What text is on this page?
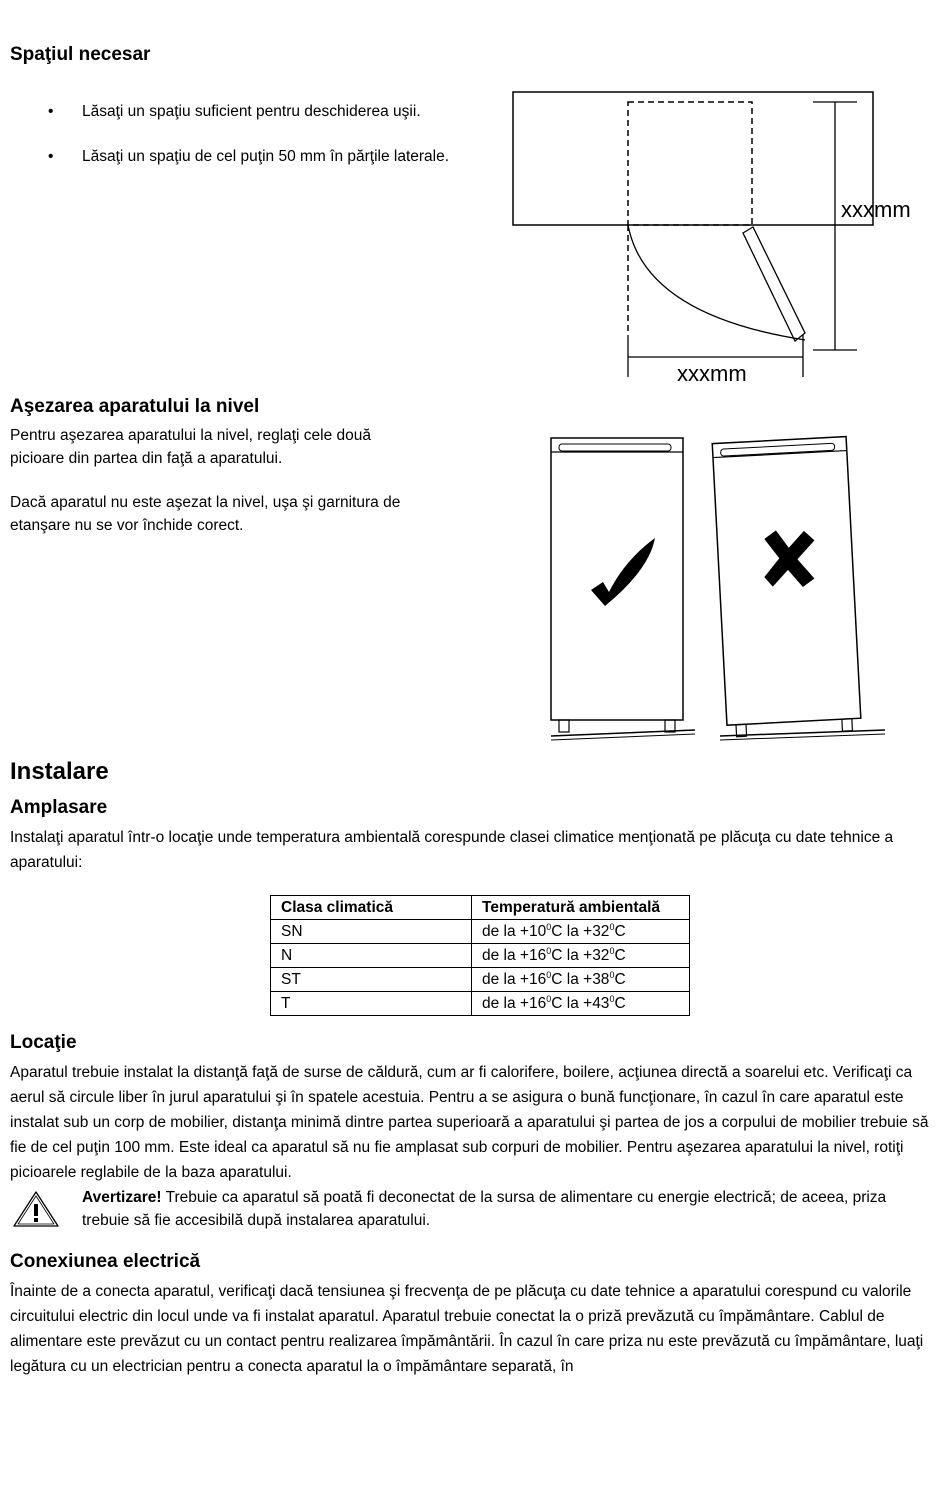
Spaţiul necesar
•	Lăsaţi un spaţiu suficient pentru deschiderea uşii.
•	Lăsaţi un spaţiu de cel puţin 50 mm în părţile laterale.
xxxmm
xxxmm
Aşezarea aparatului la nivel
Pentru aşezarea aparatului la nivel, reglaţi cele două picioare din partea din faţă a aparatului.
Dacă aparatul nu este aşezat la nivel, uşa şi garnitura de etanşare nu se vor închide corect.
Instalare
Amplasare
Instalaţi aparatul într-o locaţie unde temperatura ambientală corespunde clasei climatice menţionată pe plăcuţa cu date tehnice a aparatului:
Clasa climatică	Temperatură ambientală
SN	de la $+10^0C$ la $+32^0C$
N	de la $+16^0C$ la $+32^0C$
ST	de la $+16^0C$ la $+38^0C$
T	de la $+16^0C$ la $+43^0C$
Locaţie
Aparatul trebuie instalat la distanţă faţă de surse de căldură, cum ar fi calorifere, boilere, acţiunea directă a soarelui etc. Verificaţi ca aerul să circule liber în jurul aparatului şi în spatele acestuia. Pentru a se asigura o bună funcţionare, în cazul în care aparatul este instalat sub un corp de mobilier, distanţa minimă dintre partea superioară a aparatului şi partea de jos a corpului de mobilier trebuie să fie de cel puţin 100 mm. Este ideal ca aparatul să nu fie amplasat sub corpuri de mobilier. Pentru aşezarea aparatului la nivel, rotiţi picioarele reglabile de la baza aparatului.
Avertizare! Trebuie ca aparatul să poată fi deconectat de la sursa de alimentare cu energie electrică; de aceea, priza trebuie să fie accesibilă după instalarea aparatului.
Conexiunea electrică
Înainte de a conecta aparatul, verificaţi dacă tensiunea şi frecvenţa de pe plăcuţa cu date tehnice a aparatului corespund cu valorile circuitului electric din locul unde va fi instalat aparatul. Aparatul trebuie conectat la o priză prevăzută cu împământare. Cablul de alimentare este prevăzut cu un contact pentru realizarea împământării. În cazul în care priza nu este prevăzută cu împământare, luaţi legătura cu un electrician pentru a conecta aparatul la o împământare separată, în
